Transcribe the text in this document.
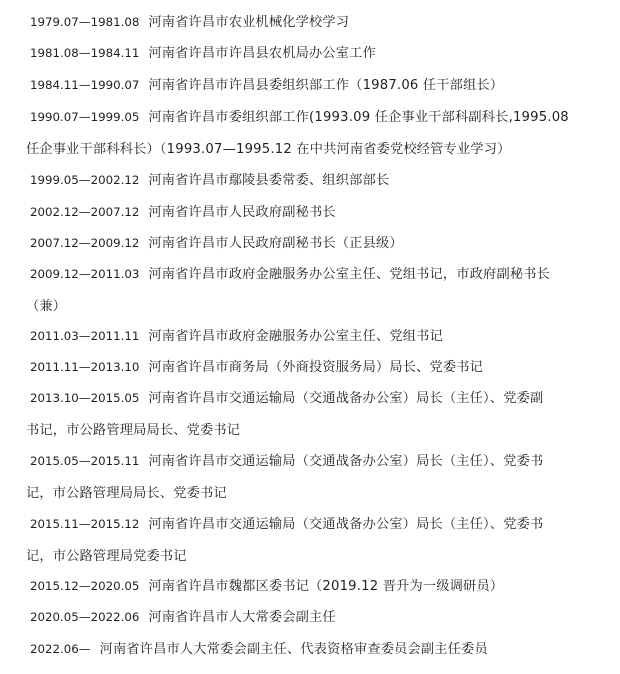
1979.07—1981.08 河南省许昌市农业机械化学校学习
1981.08—1984.11 河南省许昌市许昌县农机局办公室工作
1984.11—1990.07 河南省许昌市许昌县委组织部工作（1987.06 任干部组长）
1990.07—1999.05 河南省许昌市委组织部工作(1993.09 任企事业干部科副科长,1995.08
任企事业干部科科长）（1993.07—1995.12 在中共河南省委党校经管专业学习）
1999.05—2002.12 河南省许昌市鄢陵县委常委、组织部部长
2002.12—2007.12 河南省许昌市人民政府副秘书长
2007.12—2009.12 河南省许昌市人民政府副秘书长（正县级）
2009.12—2011.03 河南省许昌市政府金融服务办公室主任、党组书记，市政府副秘书长
（兼）
2011.03—2011.11 河南省许昌市政府金融服务办公室主任、党组书记
2011.11—2013.10 河南省许昌市商务局（外商投资服务局）局长、党委书记
2013.10—2015.05 河南省许昌市交通运输局（交通战备办公室）局长（主任）、党委副
书记，市公路管理局局长、党委书记
2015.05—2015.11 河南省许昌市交通运输局（交通战备办公室）局长（主任）、党委书
记，市公路管理局局长、党委书记
2015.11—2015.12 河南省许昌市交通运输局（交通战备办公室）局长（主任）、党委书
记，市公路管理局党委书记
2015.12—2020.05 河南省许昌市魏都区委书记（2019.12 晋升为一级调研员）
2020.05—2022.06 河南省许昌市人大常委会副主任
2022.06— 河南省许昌市人大常委会副主任、代表资格审查委员会副主任委员
